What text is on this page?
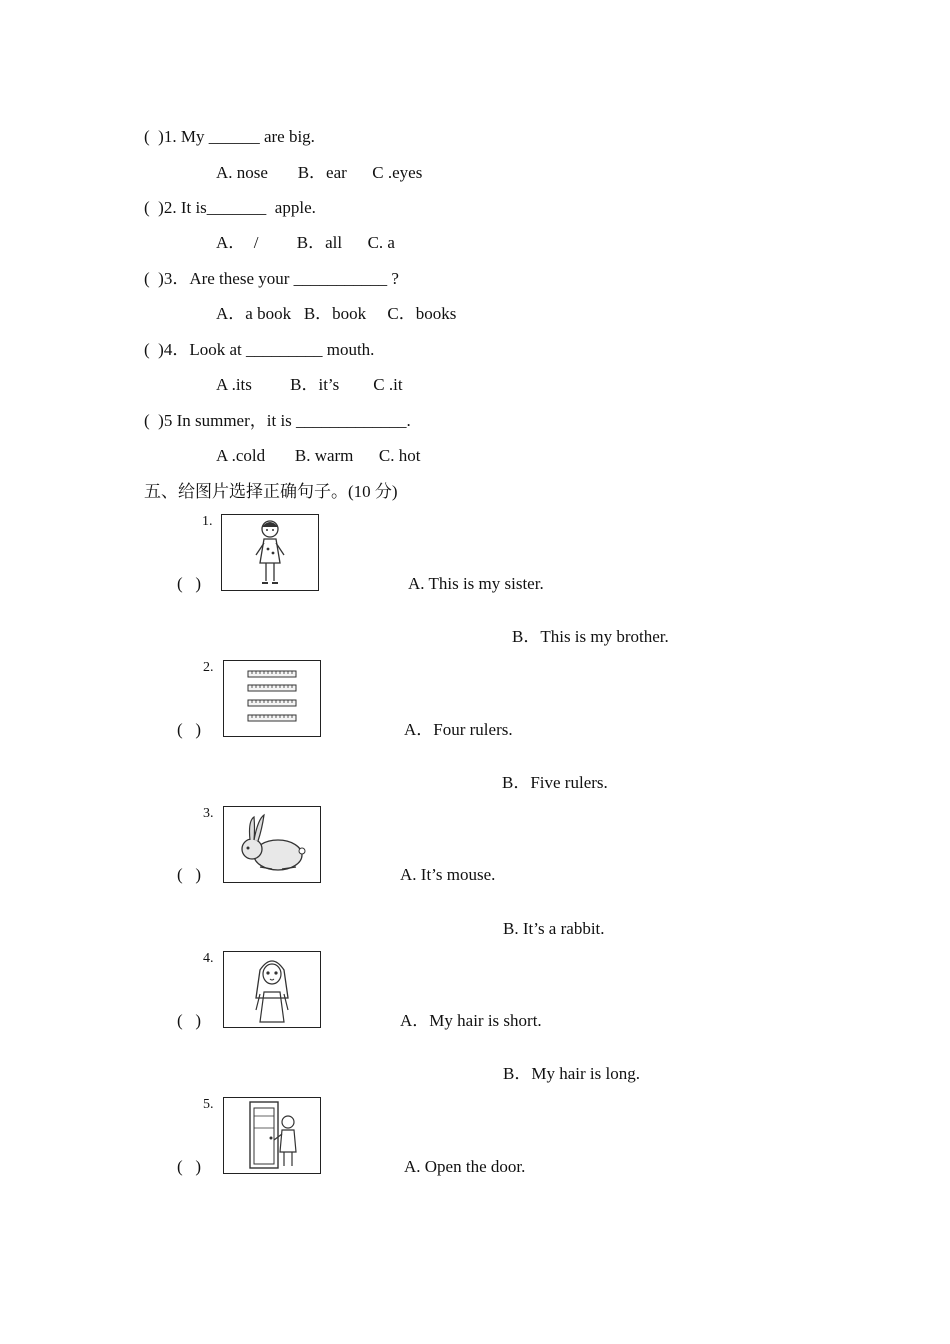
(  )1. My ______ are big.
A. nose       B．ear      C .eyes
(  )2. It is_______  apple.
A．  /         B．all      C. a
(  )3．Are these your ___________ ?
A．a book   B．book     C．books
(  )4．Look at _________ mouth.
A .its         B．it’s        C .it
(  )5 In summer，it is _____________.
A .cold       B. warm      C. hot
五、给图片选择正确句子。(10 分)
1.
(   )	A. This is my sister.
B．This is my brother.
2.
(   )	A．Four rulers.
B．Five rulers.
3.
(   )	A. It’s mouse.
B. It’s a rabbit.
4.
(   )	A．My hair is short.
B．My hair is long.
5.
(   )	A. Open the door.
